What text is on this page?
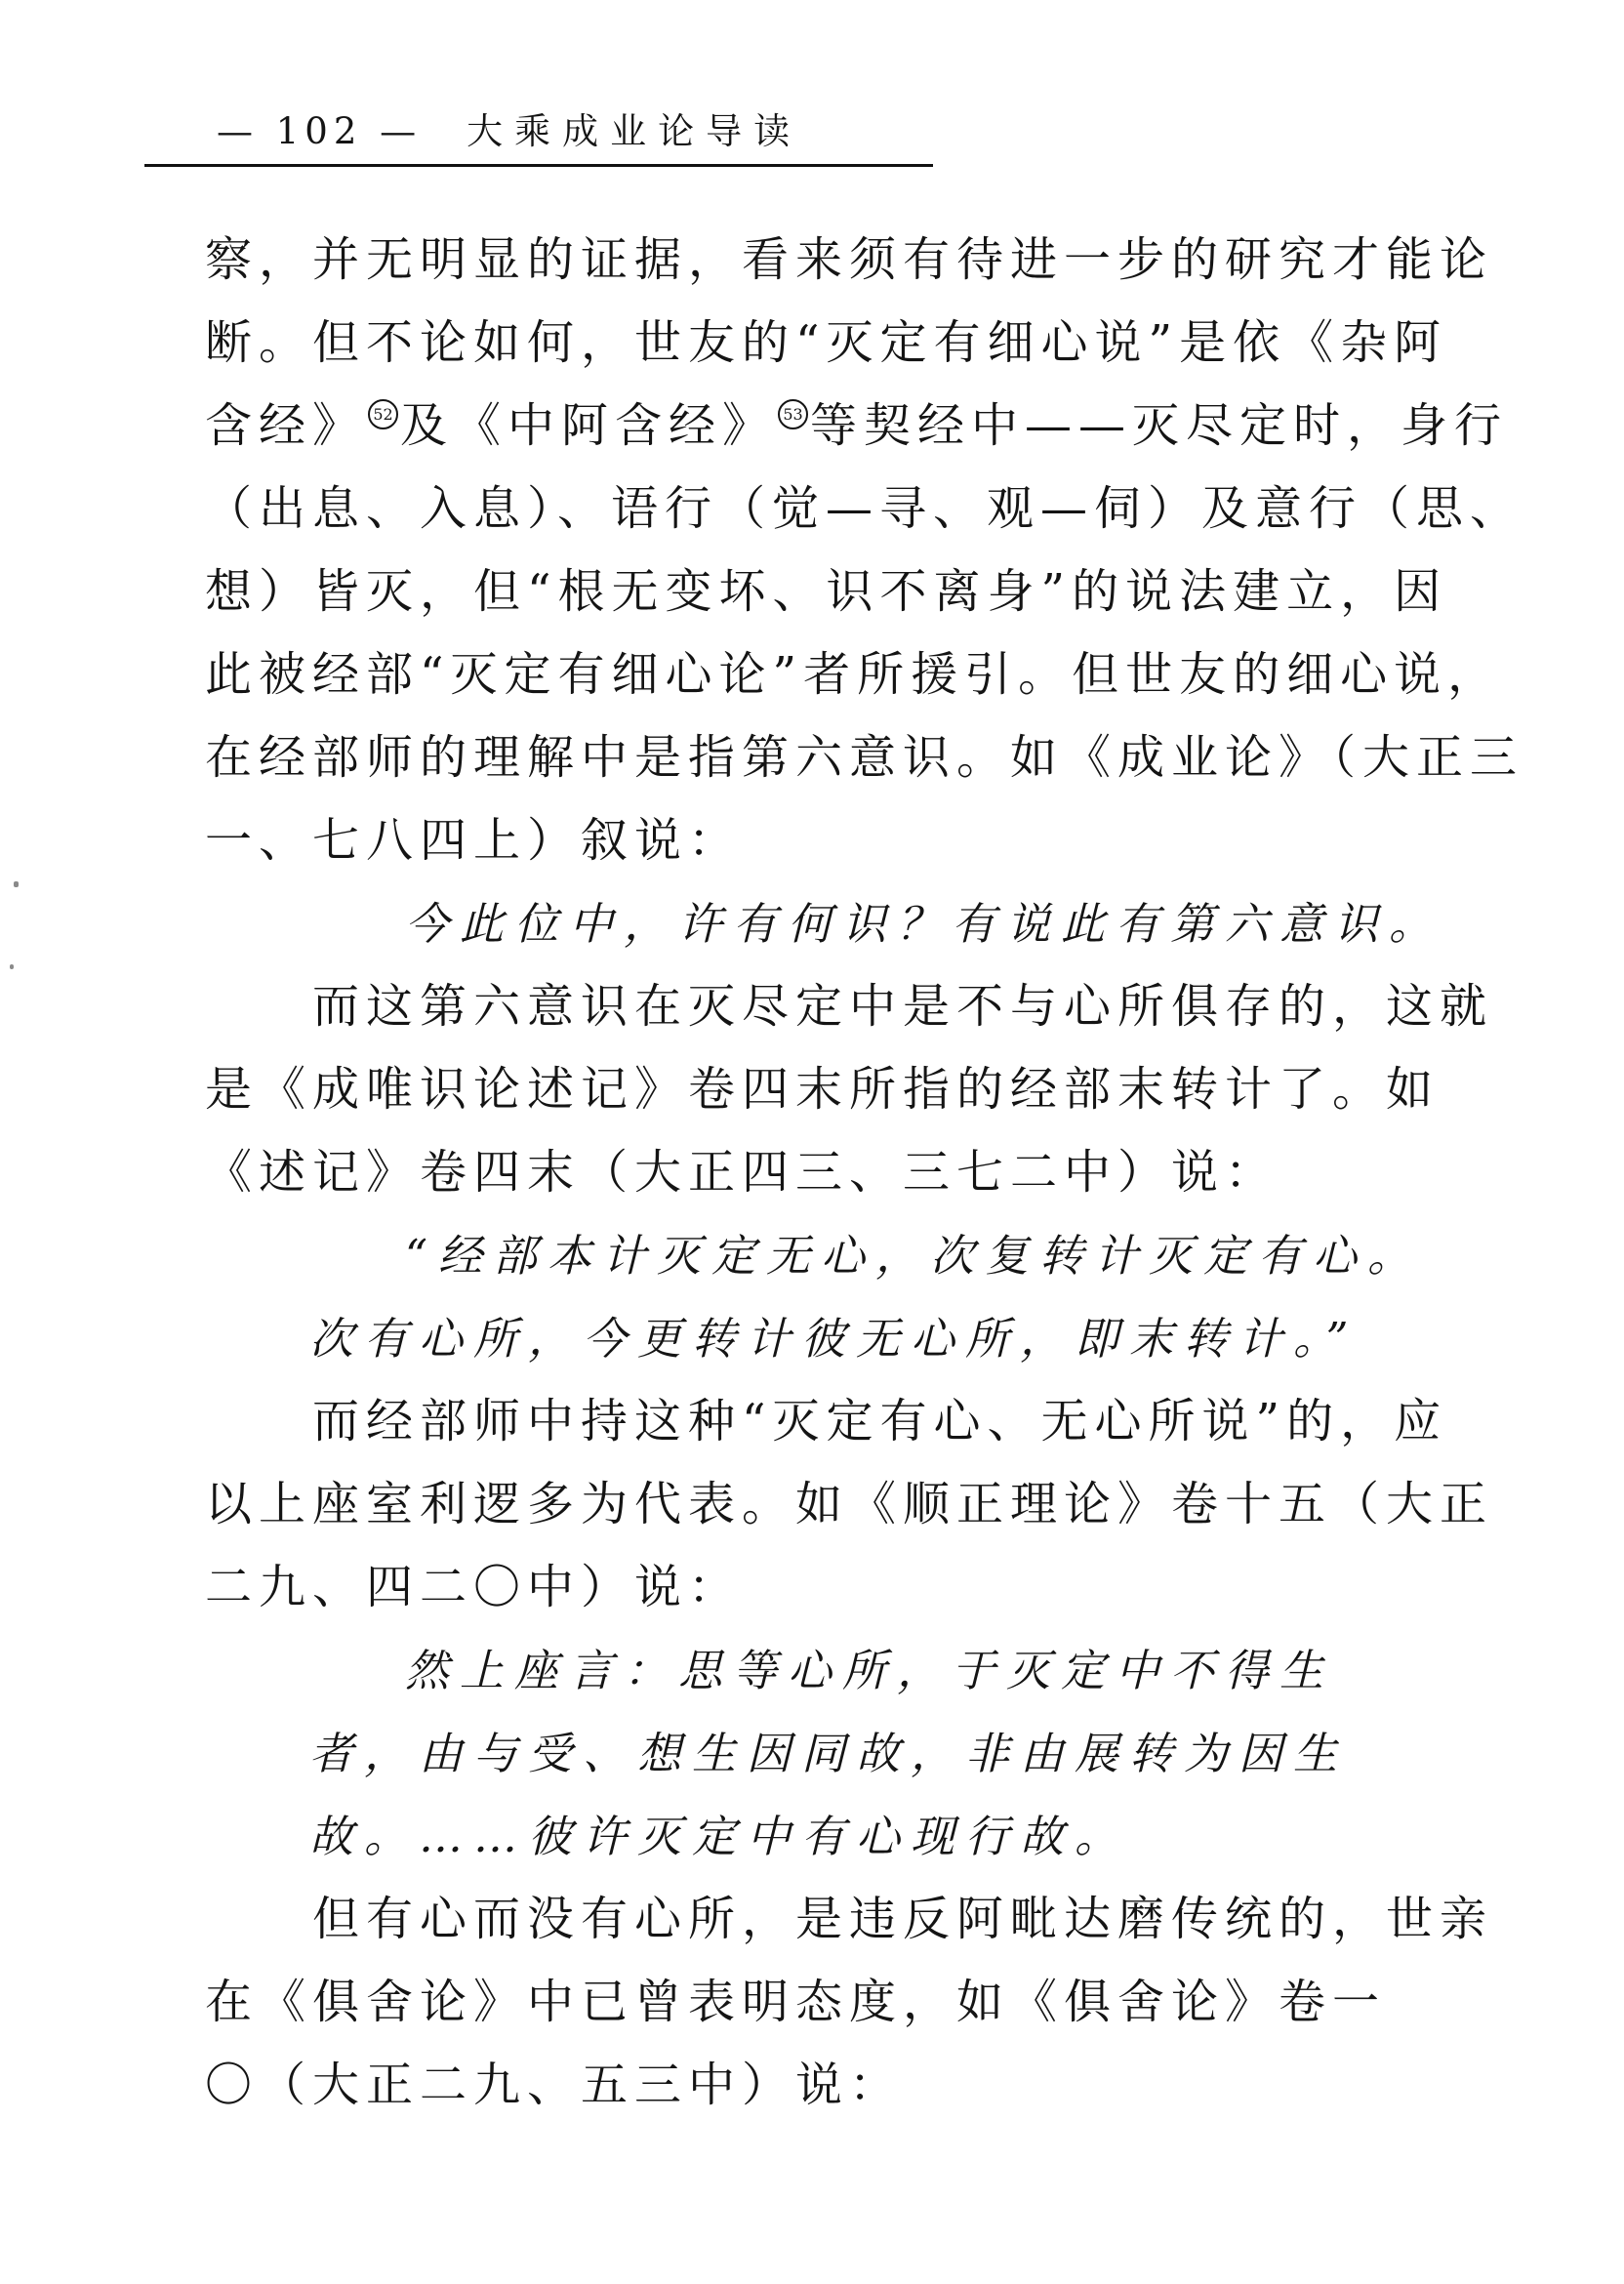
— 102 — 大乘成业论导读
察，并无明显的证据，看来须有待进一步的研究才能论
断。但不论如何，世友的“灭定有细心说”是依《杂阿
含经》 52 及《中阿含经》 53 等契经中——灭尽定时，身行
（出息、入息）、语行（觉—寻、观—伺）及意行（思、
想）皆灭，但“根无变坏、识不离身”的说法建立，因
此被经部“灭定有细心论”者所援引。但世友的细心说，
在经部师的理解中是指第六意识。如《成业论》（大正三
一、七八四上）叙说：
今此位中，许有何识？有说此有第六意识。
而这第六意识在灭尽定中是不与心所俱存的，这就
是《成唯识论述记》卷四末所指的经部末转计了。如
《述记》卷四末（大正四三、三七二中）说：
“经部本计灭定无心，次复转计灭定有心。
次有心所，今更转计彼无心所，即末转计。”
而经部师中持这种“灭定有心、无心所说”的，应
以上座室利逻多为代表。如《顺正理论》卷十五（大正
二九、四二〇中）说：
然上座言：思等心所，于灭定中不得生
者，由与受、想生因同故，非由展转为因生
故。……彼许灭定中有心现行故。
但有心而没有心所，是违反阿毗达磨传统的，世亲
在《俱舍论》中已曾表明态度，如《俱舍论》卷一
〇（大正二九、五三中）说：
